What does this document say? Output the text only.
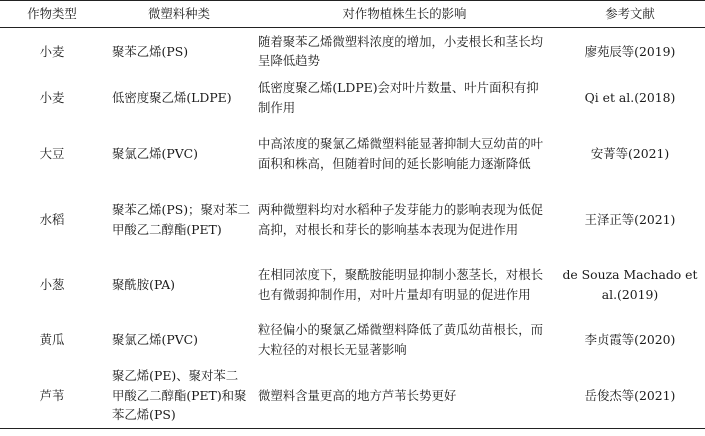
作物类型	微塑料种类	对作物植株生长的影响	参考文献
小麦	聚苯乙烯(PS)	随着聚苯乙烯微塑料浓度的增加，小麦根长和茎长均呈降低趋势	廖苑辰等(2019)
小麦	低密度聚乙烯(LDPE)	低密度聚乙烯(LDPE)会对叶片数量、叶片面积有抑制作用	Qi et al.(2018)
大豆	聚氯乙烯(PVC)	中高浓度的聚氯乙烯微塑料能显著抑制大豆幼苗的叶面积和株高，但随着时间的延长影响能力逐渐降低	安菁等(2021)
水稻	聚苯乙烯(PS)；聚对苯二甲酸乙二醇酯(PET)	两种微塑料均对水稻种子发芽能力的影响表现为低促高抑，对根长和芽长的影响基本表现为促进作用	王泽正等(2021)
小葱	聚酰胺(PA)	在相同浓度下，聚酰胺能明显抑制小葱茎长，对根长也有微弱抑制作用，对叶片量却有明显的促进作用	de Souza Machado et al.(2019)
黄瓜	聚氯乙烯(PVC)	粒径偏小的聚氯乙烯微塑料降低了黄瓜幼苗根长，而大粒径的对根长无显著影响	李贞霞等(2020)
芦苇	聚乙烯(PE)、聚对苯二甲酸乙二醇酯(PET)和聚苯乙烯(PS)	微塑料含量更高的地方芦苇长势更好	岳俊杰等(2021)
